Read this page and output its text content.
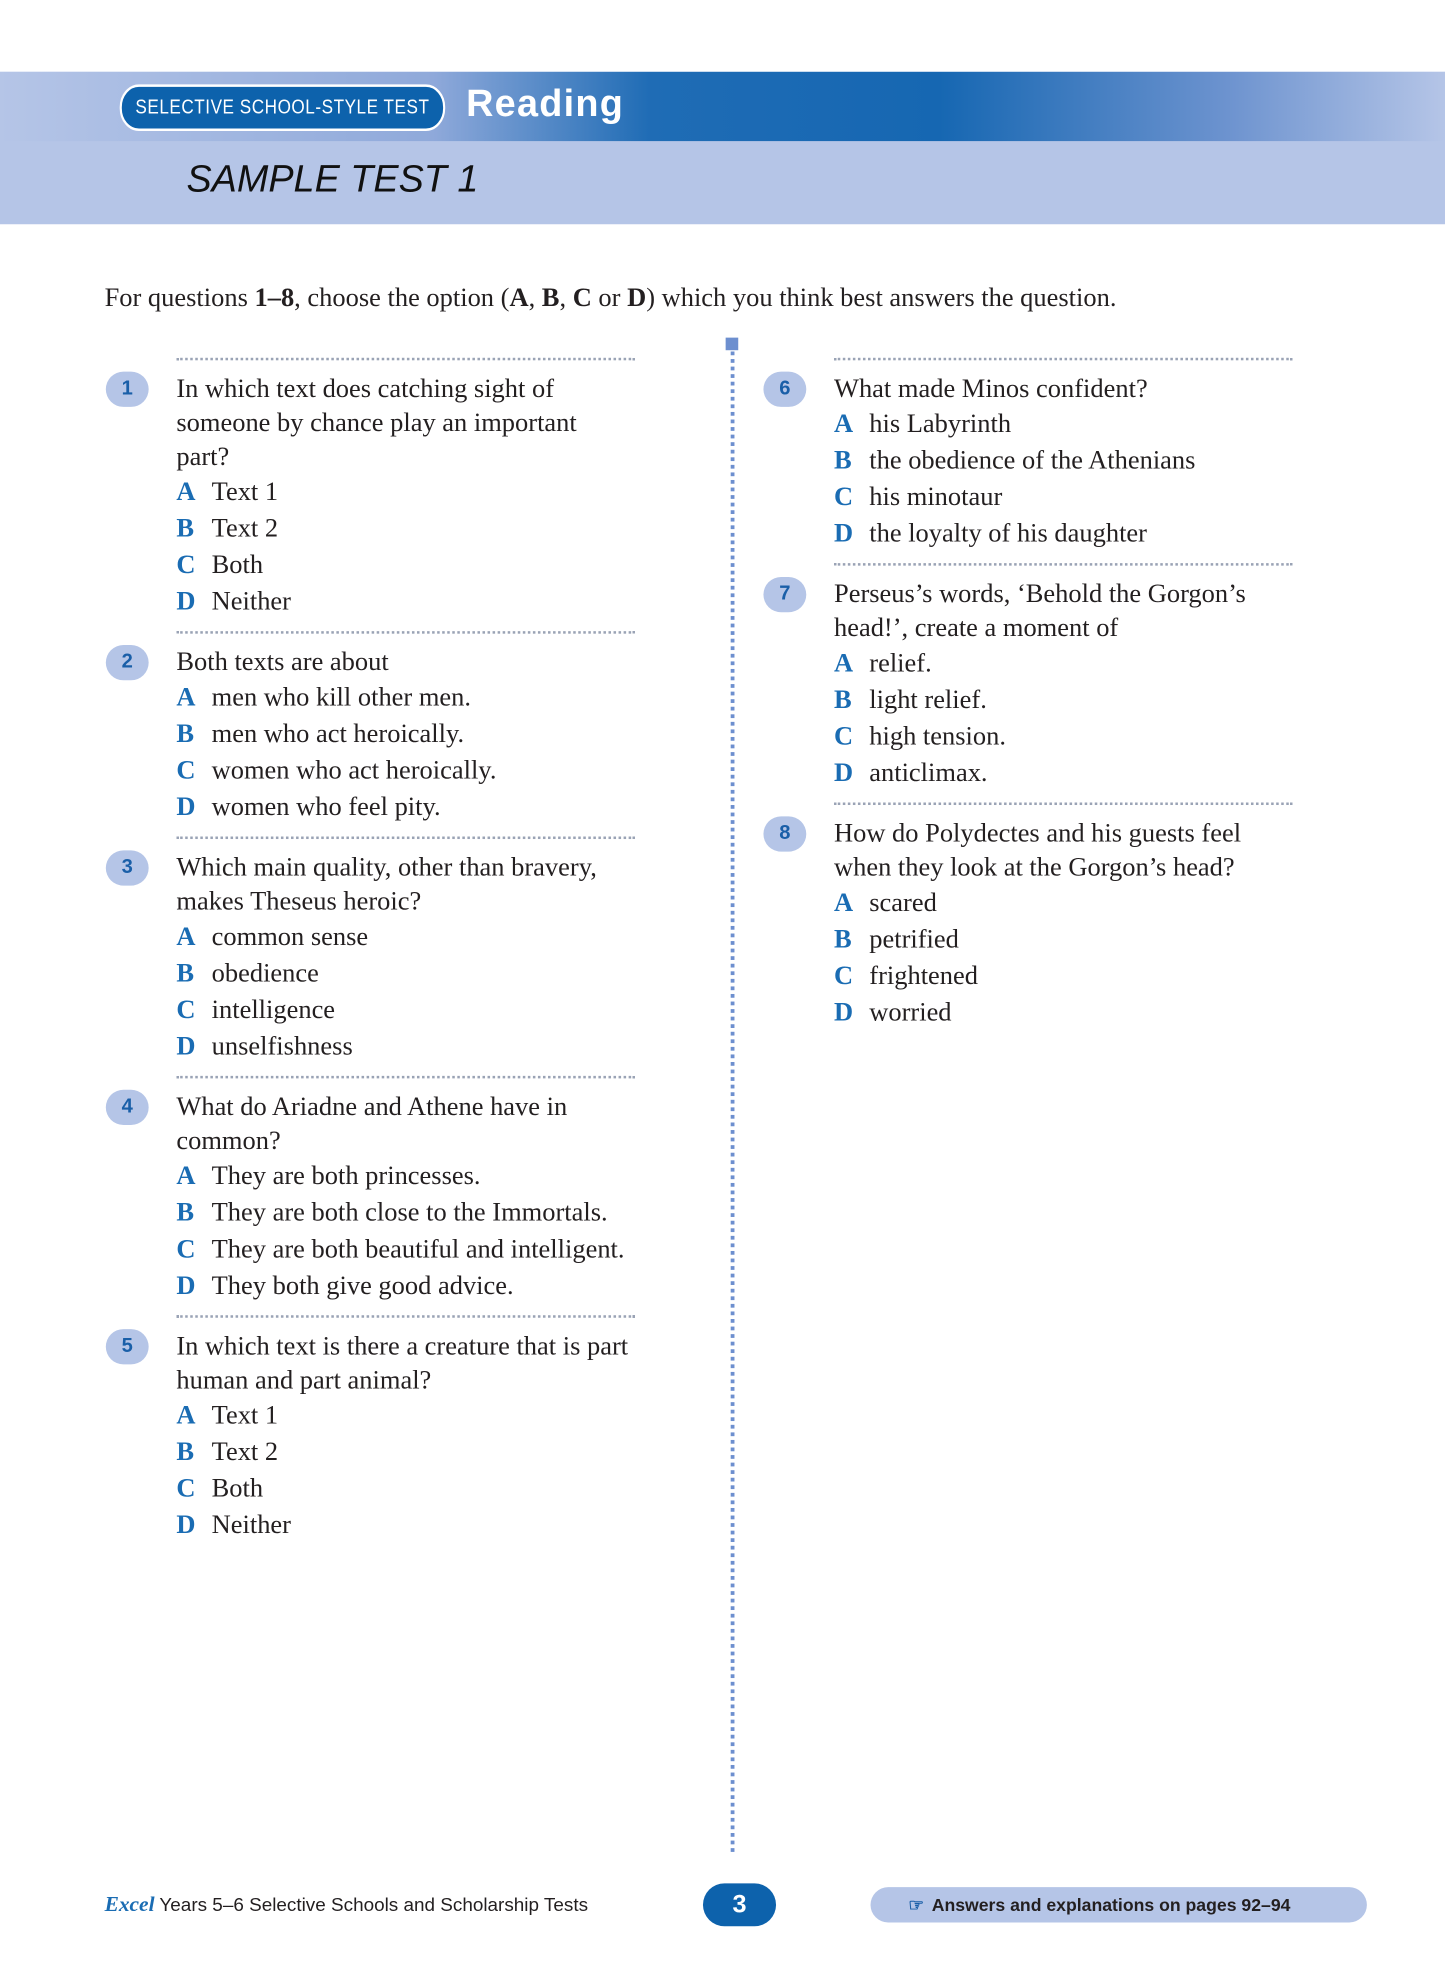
SELECTIVE SCHOOL-STYLE TEST	Reading
SAMPLE TEST 1
For questions 1–8, choose the option (A, B, C or D) which you think best answers the question.
1	In which text does catching sight of someone by chance play an important part?
A Text 1
B Text 2
C Both
D Neither
2	Both texts are about
A men who kill other men.
B men who act heroically.
C women who act heroically.
D women who feel pity.
3	Which main quality, other than bravery, makes Theseus heroic?
A common sense
B obedience
C intelligence
D unselfishness
4	What do Ariadne and Athene have in common?
A They are both princesses.
B They are both close to the Immortals.
C They are both beautiful and intelligent.
D They both give good advice.
5	In which text is there a creature that is part human and part animal?
A Text 1
B Text 2
C Both
D Neither
6	What made Minos confident?
A his Labyrinth
B the obedience of the Athenians
C his minotaur
D the loyalty of his daughter
7	Perseus’s words, ‘Behold the Gorgon’s head!’, create a moment of
A relief.
B light relief.
C high tension.
D anticlimax.
8	How do Polydectes and his guests feel when they look at the Gorgon’s head?
A scared
B petrified
C frightened
D worried
Excel Years 5–6 Selective Schools and Scholarship Tests	3	☞ Answers and explanations on pages 92–94
